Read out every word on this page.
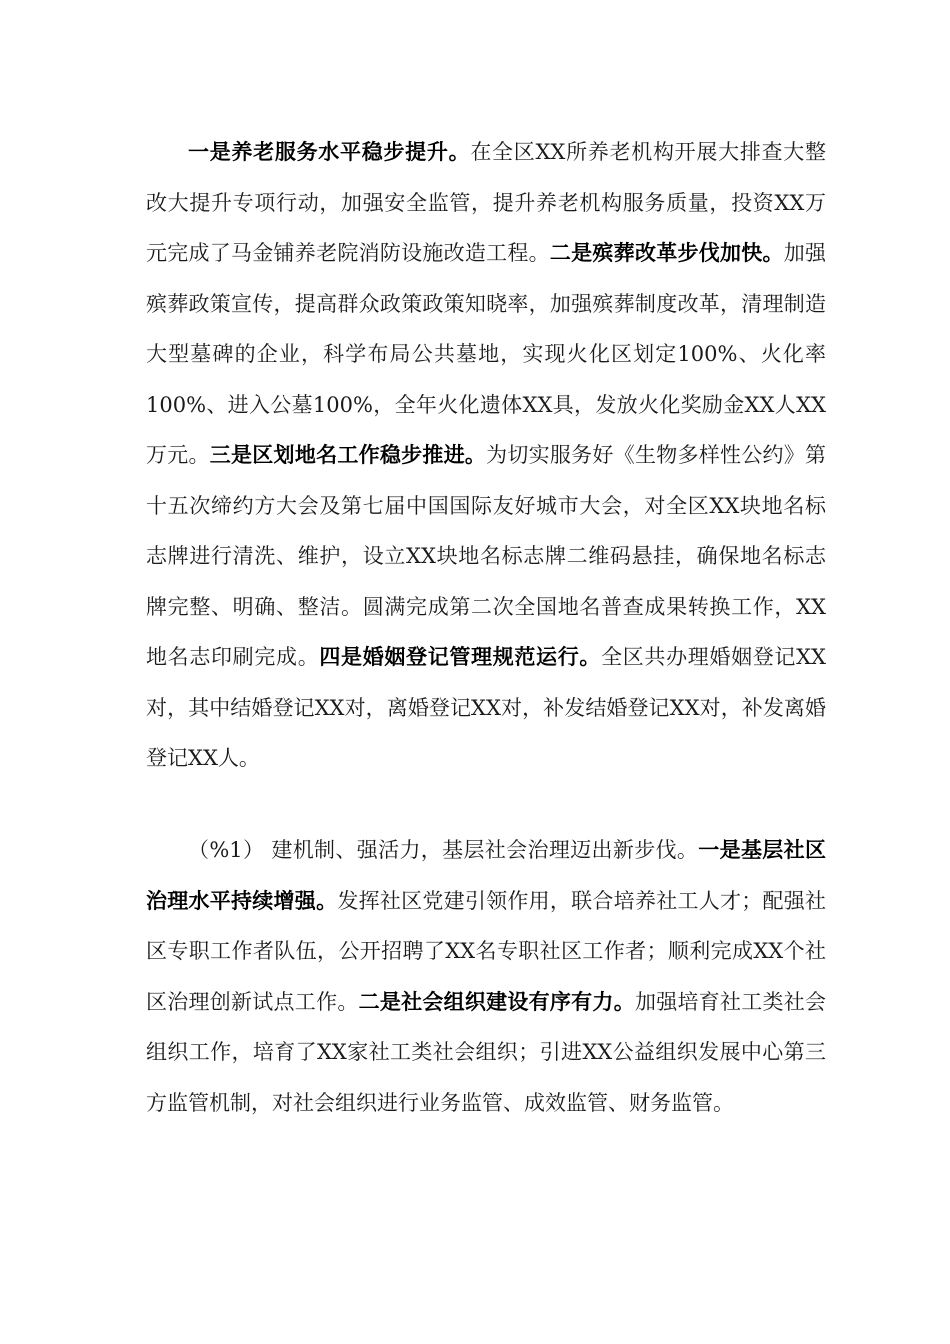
一是养老服务水平稳步提升。在全区XX所养老机构开展大排查大整改大提升专项行动，加强安全监管，提升养老机构服务质量，投资XX万元完成了马金铺养老院消防设施改造工程。二是殡葬改革步伐加快。加强殡葬政策宣传，提高群众政策政策知晓率，加强殡葬制度改革，清理制造大型墓碑的企业，科学布局公共墓地，实现火化区划定100%、火化率100%、进入公墓100%，全年火化遗体XX具，发放火化奖励金XX人XX万元。三是区划地名工作稳步推进。为切实服务好《生物多样性公约》第十五次缔约方大会及第七届中国国际友好城市大会，对全区XX块地名标志牌进行清洗、维护，设立XX块地名标志牌二维码悬挂，确保地名标志牌完整、明确、整洁。圆满完成第二次全国地名普查成果转换工作，XX地名志印刷完成。四是婚姻登记管理规范运行。全区共办理婚姻登记XX对，其中结婚登记XX对，离婚登记XX对，补发结婚登记XX对，补发离婚登记XX人。

（%1） 建机制、强活力，基层社会治理迈出新步伐。一是基层社区治理水平持续增强。发挥社区党建引领作用，联合培养社工人才；配强社区专职工作者队伍，公开招聘了XX名专职社区工作者；顺利完成XX个社区治理创新试点工作。二是社会组织建设有序有力。加强培育社工类社会组织工作，培育了XX家社工类社会组织；引进XX公益组织发展中心第三方监管机制，对社会组织进行业务监管、成效监管、财务监管。
